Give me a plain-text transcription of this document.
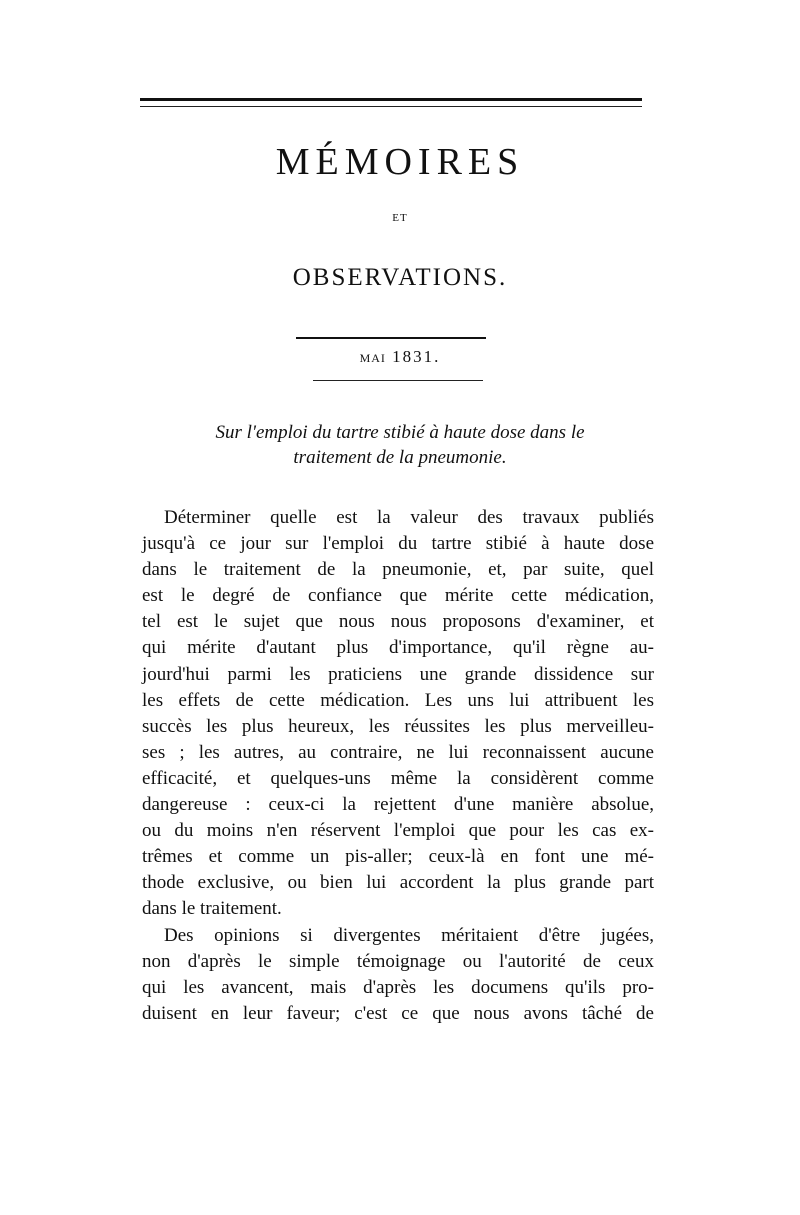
MÉMOIRES
ET
OBSERVATIONS.
MAI 1831.
Sur l'emploi du tartre stibié à haute dose dans le
traitement de la pneumonie.
Déterminer quelle est la valeur des travaux publiés
jusqu'à ce jour sur l'emploi du tartre stibié à haute dose
dans le traitement de la pneumonie, et, par suite, quel
est le degré de confiance que mérite cette médication,
tel est le sujet que nous nous proposons d'examiner, et
qui mérite d'autant plus d'importance, qu'il règne au-
jourd'hui parmi les praticiens une grande dissidence sur
les effets de cette médication. Les uns lui attribuent les
succès les plus heureux, les réussites les plus merveilleu-
ses ; les autres, au contraire, ne lui reconnaissent aucune
efficacité, et quelques-uns même la considèrent comme
dangereuse : ceux-ci la rejettent d'une manière absolue,
ou du moins n'en réservent l'emploi que pour les cas ex-
trêmes et comme un pis-aller; ceux-là en font une mé-
thode exclusive, ou bien lui accordent la plus grande part
dans le traitement.
Des opinions si divergentes méritaient d'être jugées,
non d'après le simple témoignage ou l'autorité de ceux
qui les avancent, mais d'après les documens qu'ils pro-
duisent en leur faveur; c'est ce que nous avons tâché de
